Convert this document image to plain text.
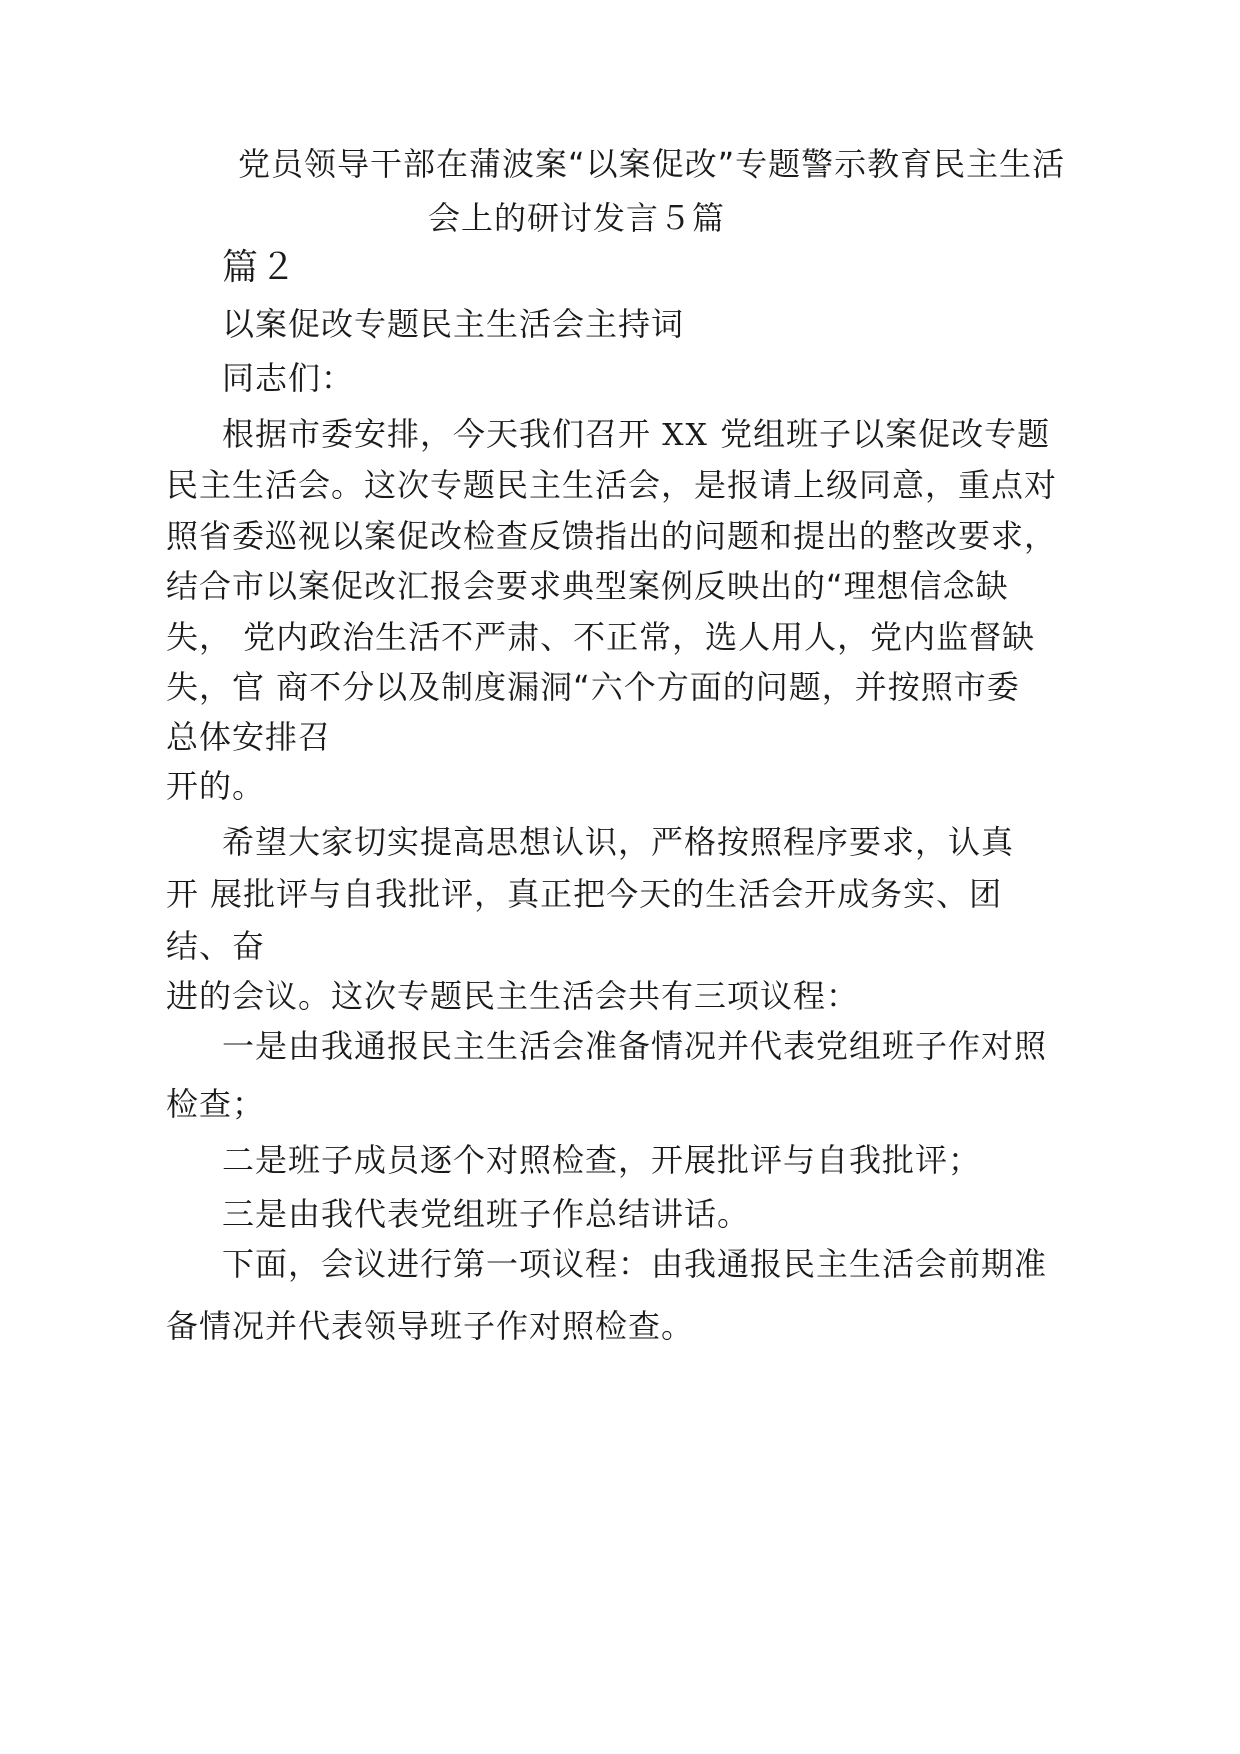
党员领导干部在蒲波案“以案促改”专题警示教育民主生活
会上的研讨发言５篇
篇２
以案促改专题民主生活会主持词
同志们：
根据市委安排，今天我们召开 XX 党组班子以案促改专题
民主生活会。这次专题民主生活会，是报请上级同意，重点对
照省委巡视以案促改检查反馈指出的问题和提出的整改要求，
结合市以案促改汇报会要求典型案例反映出的“理想信念缺
失， 党内政治生活不严肃、不正常，选人用人，党内监督缺
失，官 商不分以及制度漏洞“六个方面的问题，并按照市委
总体安排召
开的。
希望大家切实提高思想认识，严格按照程序要求，认真
开 展批评与自我批评，真正把今天的生活会开成务实、团
结、奋
进的会议。这次专题民主生活会共有三项议程：
一是由我通报民主生活会准备情况并代表党组班子作对照
检查；
二是班子成员逐个对照检查，开展批评与自我批评；
三是由我代表党组班子作总结讲话。
下面，会议进行第一项议程：由我通报民主生活会前期准
备情况并代表领导班子作对照检查。
